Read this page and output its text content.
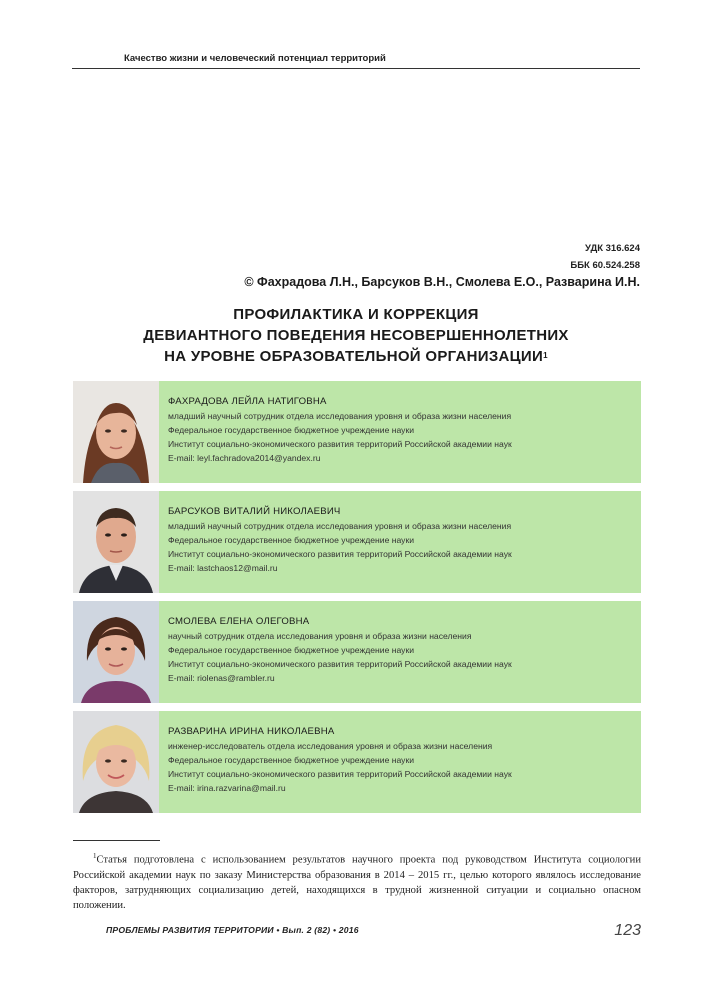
Качество жизни и человеческий потенциал территорий
УДК 316.624
ББК 60.524.258
© Фахрадова Л.Н., Барсуков В.Н., Смолева Е.О., Разварина И.Н.
ПРОФИЛАКТИКА И КОРРЕКЦИЯ
ДЕВИАНТНОГО ПОВЕДЕНИЯ НЕСОВЕРШЕННОЛЕТНИХ
НА УРОВНЕ ОБРАЗОВАТЕЛЬНОЙ ОРГАНИЗАЦИИ$^1$
ФАХРАДОВА ЛЕЙЛА НАТИГОВНА
младший научный сотрудник отдела исследования уровня и образа жизни населения
Федеральное государственное бюджетное учреждение науки
Институт социально-экономического развития территорий Российской академии наук
E-mail: leyl.fachradova2014@yandex.ru
БАРСУКОВ ВИТАЛИЙ НИКОЛАЕВИЧ
младший научный сотрудник отдела исследования уровня и образа жизни населения
Федеральное государственное бюджетное учреждение науки
Институт социально-экономического развития территорий Российской академии наук
E-mail: lastchaos12@mail.ru
СМОЛЕВА ЕЛЕНА ОЛЕГОВНА
научный сотрудник отдела исследования уровня и образа жизни населения
Федеральное государственное бюджетное учреждение науки
Институт социально-экономического развития территорий Российской академии наук
E-mail: riolenas@rambler.ru
РАЗВАРИНА ИРИНА НИКОЛАЕВНА
инженер-исследователь отдела исследования уровня и образа жизни населения
Федеральное государственное бюджетное учреждение науки
Институт социально-экономического развития территорий Российской академии наук
E-mail: irina.razvarina@mail.ru
$^1$Статья подготовлена с использованием результатов научного проекта под руководством Института социологии Российской академии наук по заказу Министерства образования в 2014 – 2015 гг., целью которого являлось исследование факторов, затрудняющих социализацию детей, находящихся в трудной жизненной ситуации и социально опасном положении.
ПРОБЛЕМЫ РАЗВИТИЯ ТЕРРИТОРИИ • Вып. 2 (82) • 2016	123
